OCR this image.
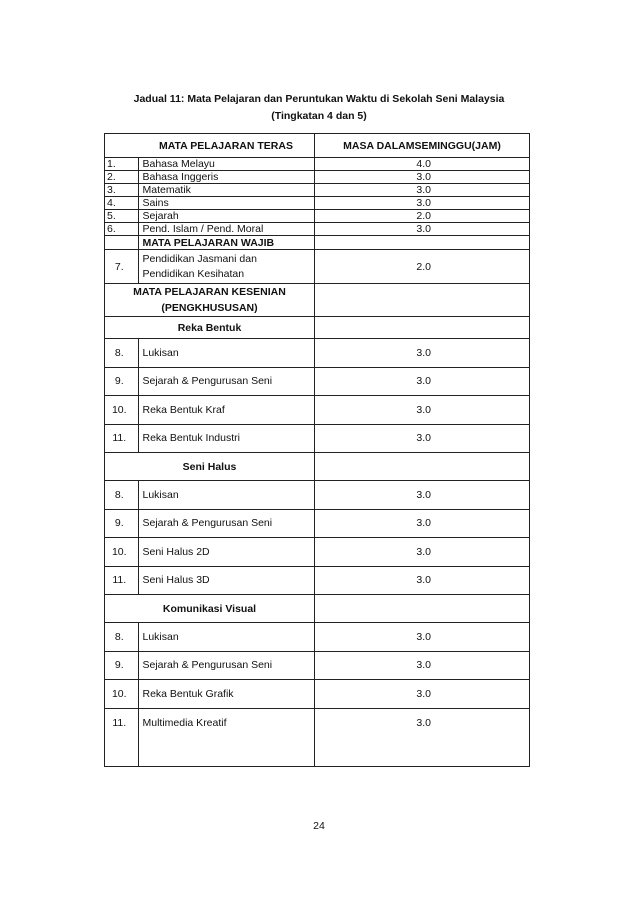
Jadual 11: Mata Pelajaran dan Peruntukan Waktu di Sekolah Seni Malaysia
(Tingkatan 4 dan 5)
	MATA PELAJARAN TERAS	MASA DALAMSEMINGGU(JAM)
1.	Bahasa Melayu	4.0
2.	Bahasa Inggeris	3.0
3.	Matematik	3.0
4.	Sains	3.0
5.	Sejarah	2.0
6.	Pend. Islam / Pend. Moral	3.0
	MATA PELAJARAN WAJIB	
7.	Pendidikan Jasmani dan
Pendidikan Kesihatan	2.0

MATA PELAJARAN KESENIAN
(PENGKHUSUSAN)		

Reka Bentuk		
8.	Lukisan	3.0
9.	Sejarah & Pengurusan Seni	3.0
10.	Reka Bentuk Kraf	3.0
11.	Reka Bentuk Industri	3.0
Seni Halus		
8.	Lukisan	3.0
9.	Sejarah & Pengurusan Seni	3.0
10.	Seni Halus 2D	3.0
11.	Seni Halus 3D	3.0
Komunikasi Visual		
8.	Lukisan	3.0
9.	Sejarah & Pengurusan Seni	3.0
10.	Reka Bentuk Grafik	3.0
11.	Multimedia Kreatif	3.0
24
